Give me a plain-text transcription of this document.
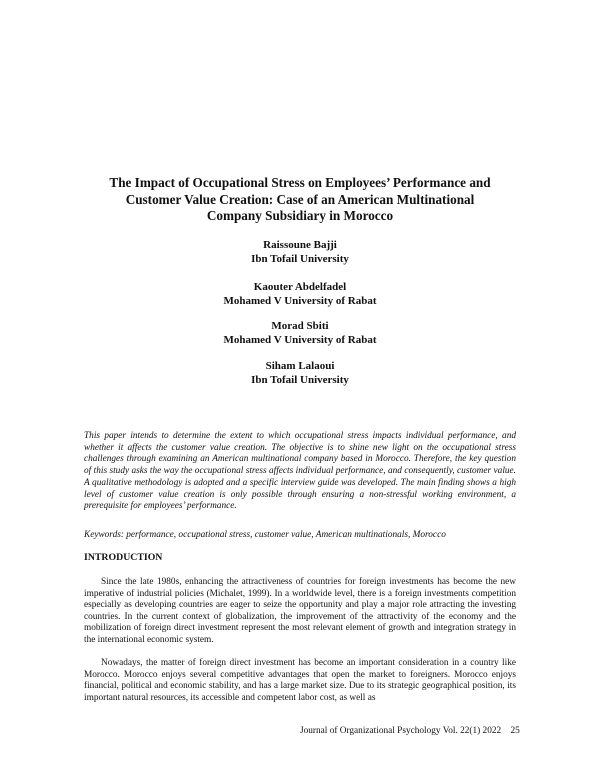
The Impact of Occupational Stress on Employees’ Performance and Customer Value Creation: Case of an American Multinational Company Subsidiary in Morocco
Raissoune Bajji
Ibn Tofail University
Kaouter Abdelfadel
Mohamed V University of Rabat
Morad Sbiti
Mohamed V University of Rabat
Siham Lalaoui
Ibn Tofail University
This paper intends to determine the extent to which occupational stress impacts individual performance, and whether it affects the customer value creation. The objective is to shine new light on the occupational stress challenges through examining an American multinational company based in Morocco. Therefore, the key question of this study asks the way the occupational stress affects individual performance, and consequently, customer value. A qualitative methodology is adopted and a specific interview guide was developed. The main finding shows a high level of customer value creation is only possible through ensuring a non-stressful working environment, a prerequisite for employees’ performance.
Keywords: performance, occupational stress, customer value, American multinationals, Morocco
INTRODUCTION
Since the late 1980s, enhancing the attractiveness of countries for foreign investments has become the new imperative of industrial policies (Michalet, 1999). In a worldwide level, there is a foreign investments competition especially as developing countries are eager to seize the opportunity and play a major role attracting the investing countries. In the current context of globalization, the improvement of the attractivity of the economy and the mobilization of foreign direct investment represent the most relevant element of growth and integration strategy in the international economic system.
Nowadays, the matter of foreign direct investment has become an important consideration in a country like Morocco. Morocco enjoys several competitive advantages that open the market to foreigners. Morocco enjoys financial, political and economic stability, and has a large market size. Due to its strategic geographical position, its important natural resources, its accessible and competent labor cost, as well as
Journal of Organizational Psychology Vol. 22(1) 2022    25
